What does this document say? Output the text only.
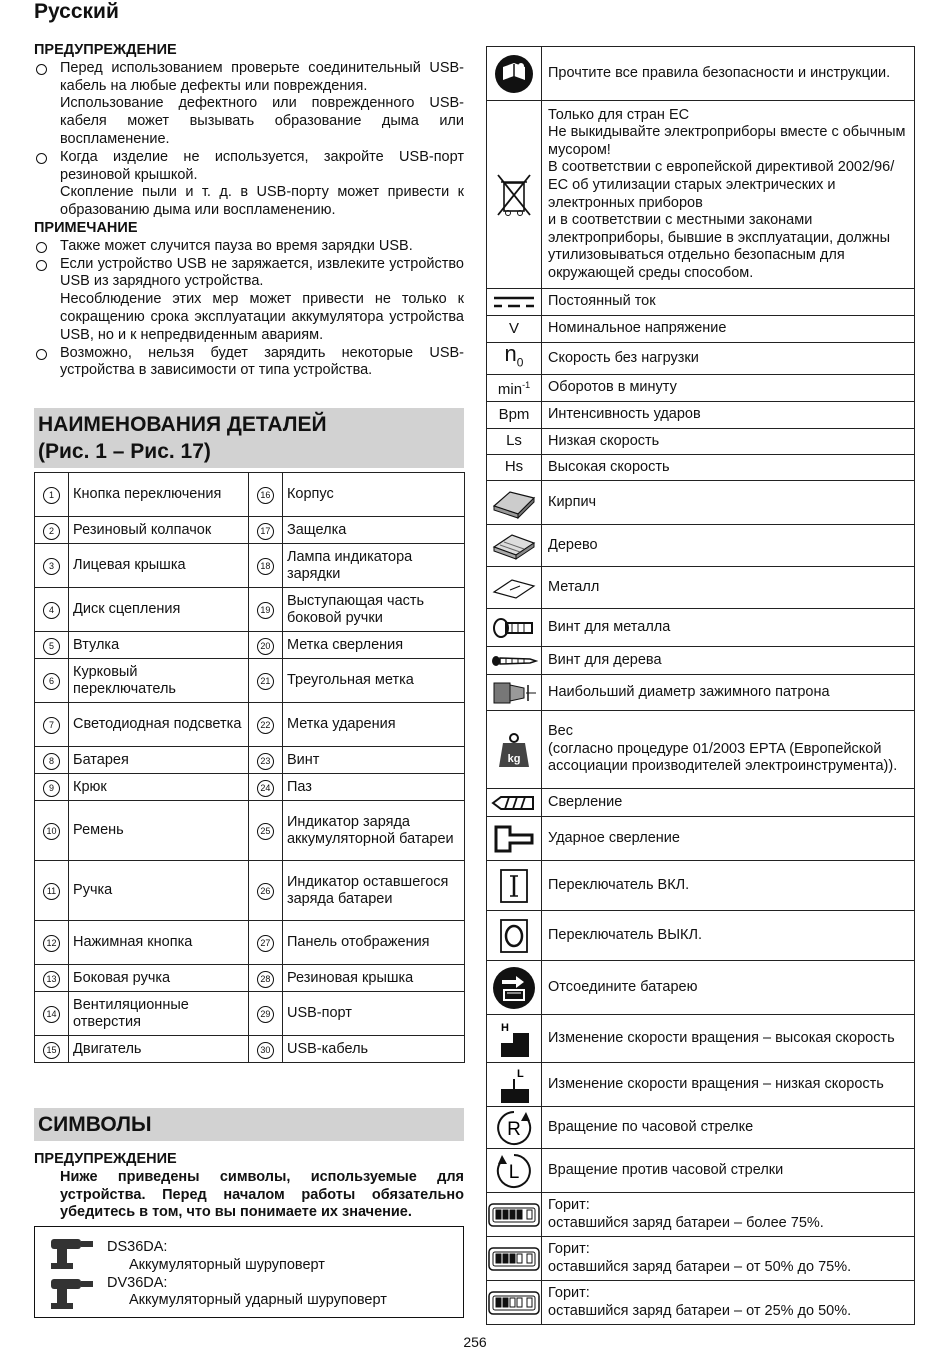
Русский
ПРЕДУПРЕЖДЕНИЕ
Перед использованием проверьте соединительный USB-кабель на любые дефекты или повреждения.
Использование дефектного или поврежденного USB-кабеля может вызывать образование дыма или воспламенение.
Когда изделие не используется, закройте USB-порт резиновой крышкой.
Скопление пыли и т. д. в USB-порту может привести к образованию дыма или воспламенению.
ПРИМЕЧАНИЕ
Также может случится пауза во время зарядки USB.
Если устройство USB не заряжается, извлеките устройство USB из зарядного устройства.
Несоблюдение этих мер может привести не только к сокращению срока эксплуатации аккумулятора устройства USB, но и к непредвиденным авариям.
Возможно, нельзя будет зарядить некоторые USB-устройства в зависимости от типа устройства.
НАИМЕНОВАНИЯ ДЕТАЛЕЙ
(Рис. 1 – Рис. 17)
1	Кнопка переключения	16	Корпус
2	Резиновый колпачок	17	Защелка
3	Лицевая крышка	18	Лампа индикатора зарядки
4	Диск сцепления	19	Выступающая часть боковой ручки
5	Втулка	20	Метка сверления
6	Курковый переключатель	21	Треугольная метка
7	Светодиодная подсветка	22	Метка ударения
8	Батарея	23	Винт
9	Крюк	24	Паз
10	Ремень	25	Индикатор заряда аккумуляторной батареи
11	Ручка	26	Индикатор оставшегося заряда батареи
12	Нажимная кнопка	27	Панель отображения
13	Боковая ручка	28	Резиновая крышка
14	Вентиляционные отверстия	29	USB-порт
15	Двигатель	30	USB-кабель
СИМВОЛЫ
ПРЕДУПРЕЖДЕНИЕ
Ниже приведены символы, используемые для устройства. Перед началом работы обязательно убедитесь в том, что вы понимаете их значение.
DS36DA:
Аккумуляторный шуруповерт
DV36DA:
Аккумуляторный ударный шуруповерт
	Прочтите все правила безопасности и инструкции.

	Только для стран ЕС
Не выкидывайте электроприборы вместе с обычным мусором!
В соответствии с европейской директивой 2002/96/ЕС об утилизации старых электрических и электронных приборов
и в соответствии с местными законами электроприборы, бывшие в эксплуатации, должны утилизовываться отдельно безопасным для окружающей среды способом.

	Постоянный ток
V	Номинальное напряжение
$n_0$	Скорость без нагрузки
$\min^{-1}$	Оборотов в минуту
Bpm	Интенсивность ударов
Ls	Низкая скорость
Hs	Высокая скорость

	Кирпич

	Дерево

	Металл

	Винт для металла

	Винт для дерева

	Наибольший диаметр зажимного патрона

kg	Вес
(согласно процедуре 01/2003 EPTA (Европейской ассоциации производителей электроинструмента)).

	Сверление

	Ударное сверление

	Переключатель ВКЛ.

	Переключатель ВЫКЛ.

	Отсоедините батарею

H	Изменение скорости вращения – высокая скорость

L	Изменение скорости вращения – низкая скорость

R	Вращение по часовой стрелке

L	Вращение против часовой стрелки

	Горит:
оставшийся заряд батареи – более 75%.

	Горит:
оставшийся заряд батареи – от 50% до 75%.

	Горит:
оставшийся заряд батареи – от 25% до 50%.
256
